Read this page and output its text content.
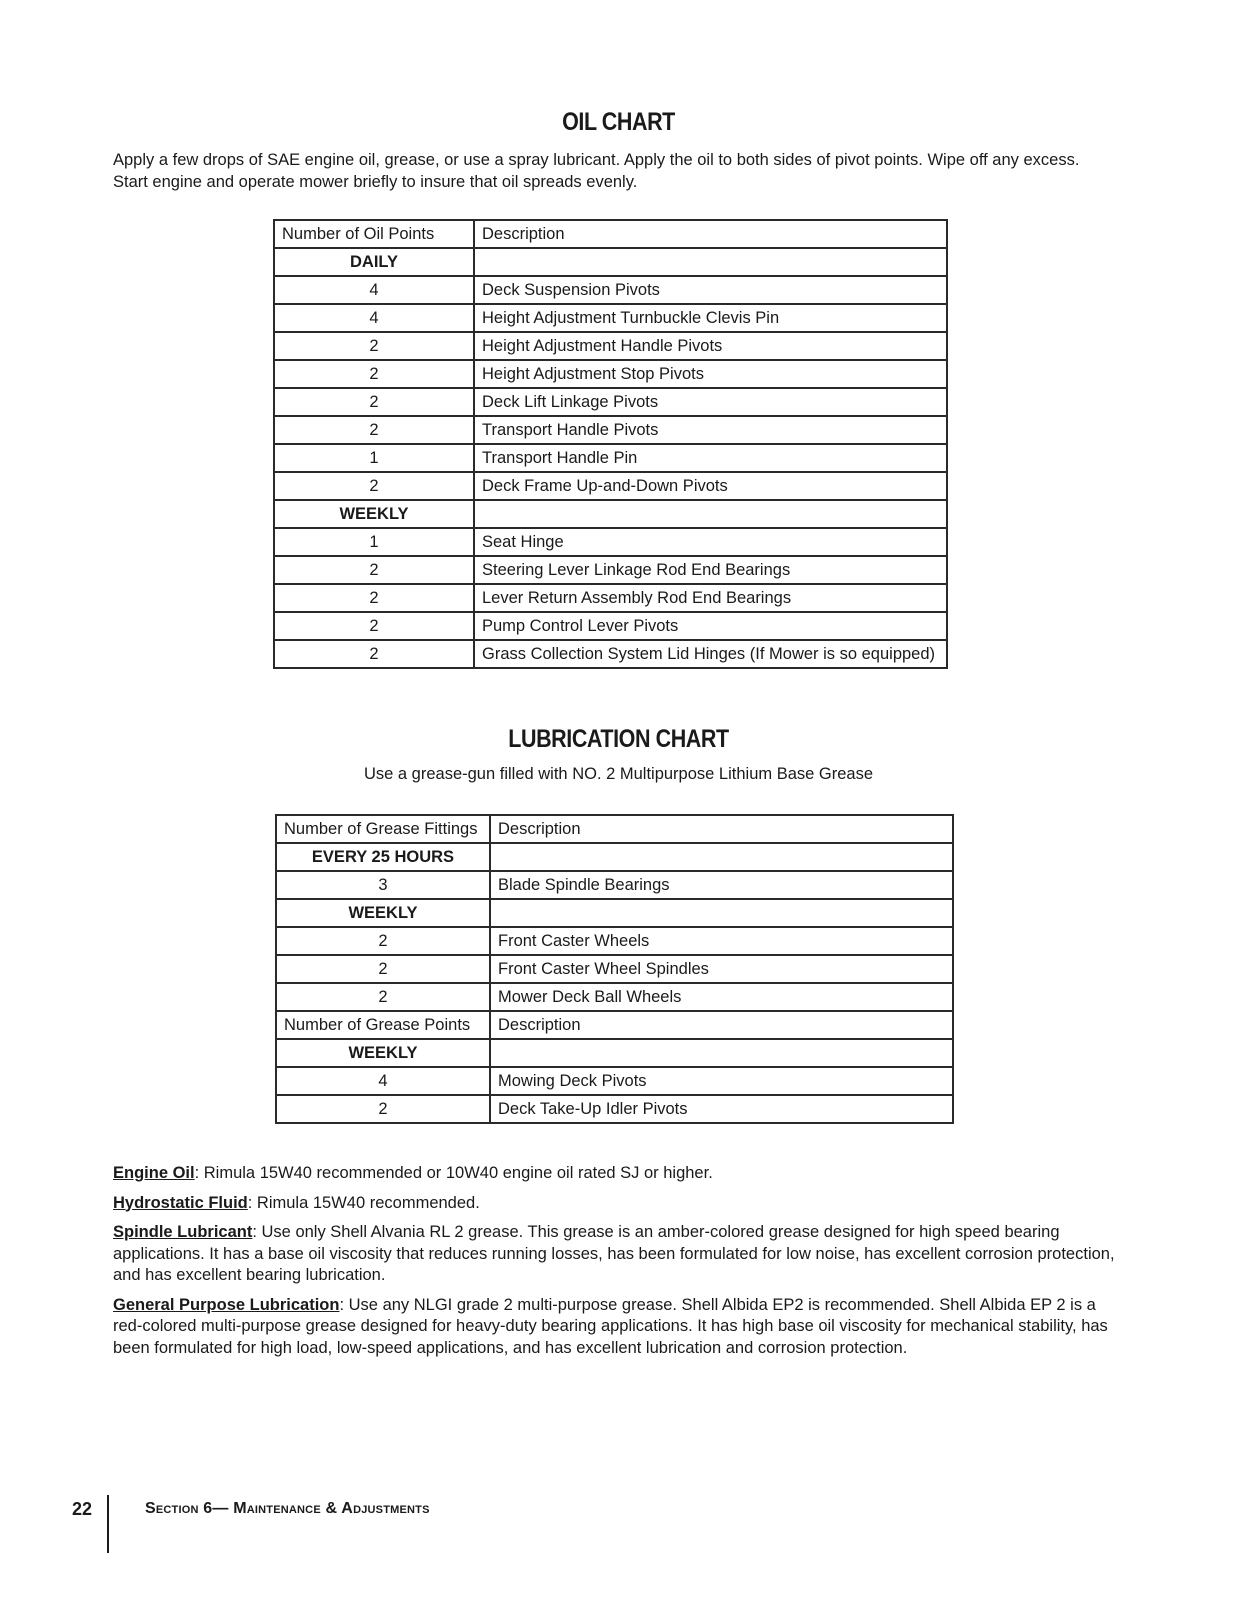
OIL CHART

Apply a few drops of SAE engine oil, grease, or use a spray lubricant. Apply the oil to both sides of pivot points. Wipe off any excess.
Start engine and operate mower briefly to insure that oil spreads evenly.

Number of Oil Points	Description
DAILY	
4	Deck Suspension Pivots
4	Height Adjustment Turnbuckle Clevis Pin
2	Height Adjustment Handle Pivots
2	Height Adjustment Stop Pivots
2	Deck Lift Linkage Pivots
2	Transport Handle Pivots
1	Transport Handle Pin
2	Deck Frame Up-and-Down Pivots
WEEKLY	
1	Seat Hinge
2	Steering Lever Linkage Rod End Bearings
2	Lever Return Assembly Rod End Bearings
2	Pump Control Lever Pivots
2	Grass Collection System Lid Hinges (If Mower is so equipped)
LUBRICATION CHART

Use a grease-gun filled with NO. 2 Multipurpose Lithium Base Grease

Number of Grease Fittings	Description
EVERY 25 HOURS	
3	Blade Spindle Bearings
WEEKLY	
2	Front Caster Wheels
2	Front Caster Wheel Spindles
2	Mower Deck Ball Wheels
Number of Grease Points	Description
WEEKLY	
4	Mowing Deck Pivots
2	Deck Take-Up Idler Pivots

Engine Oil: Rimula 15W40 recommended or 10W40 engine oil rated SJ or higher.

Hydrostatic Fluid: Rimula 15W40 recommended.

Spindle Lubricant: Use only Shell Alvania RL 2 grease. This grease is an amber-colored grease designed for high speed bearing applications. It has a base oil viscosity that reduces running losses, has been formulated for low noise, has excellent corrosion protection, and has excellent bearing lubrication.

General Purpose Lubrication: Use any NLGI grade 2 multi-purpose grease. Shell Albida EP2 is recommended. Shell Albida EP 2 is a red-colored multi-purpose grease designed for heavy-duty bearing applications. It has high base oil viscosity for mechanical stability, has been formulated for high load, low-speed applications, and has excellent lubrication and corrosion protection.

22	Section 6— Maintenance & Adjustments
